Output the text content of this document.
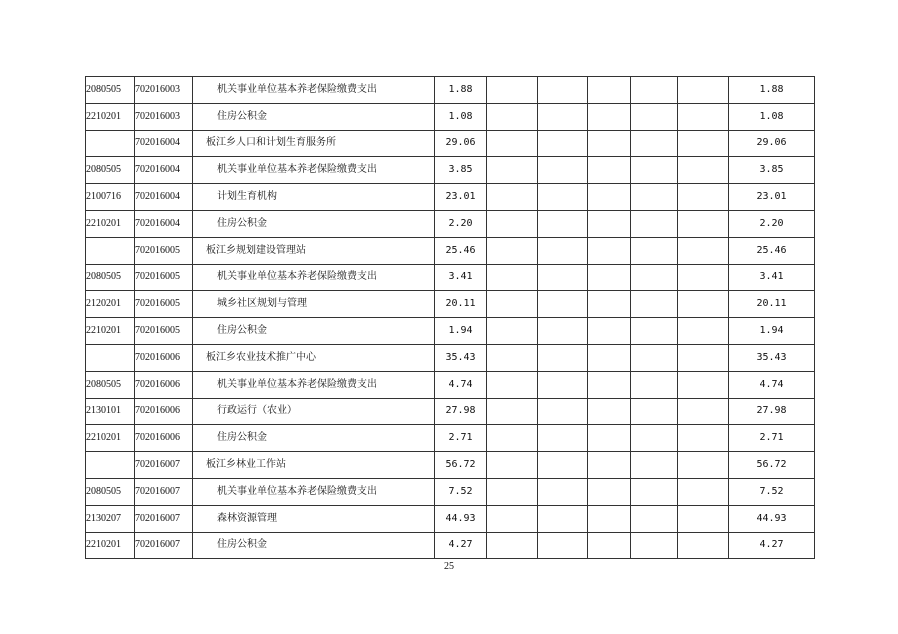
2080505	702016003	机关事业单位基本养老保险缴费支出	1.88						1.88
2210201	702016003	住房公积金	1.08						1.08
	702016004	板江乡人口和计划生育服务所	29.06						29.06
2080505	702016004	机关事业单位基本养老保险缴费支出	3.85						3.85
2100716	702016004	计划生育机构	23.01						23.01
2210201	702016004	住房公积金	2.20						2.20
	702016005	板江乡规划建设管理站	25.46						25.46
2080505	702016005	机关事业单位基本养老保险缴费支出	3.41						3.41
2120201	702016005	城乡社区规划与管理	20.11						20.11
2210201	702016005	住房公积金	1.94						1.94
	702016006	板江乡农业技术推广中心	35.43						35.43
2080505	702016006	机关事业单位基本养老保险缴费支出	4.74						4.74
2130101	702016006	行政运行（农业）	27.98						27.98
2210201	702016006	住房公积金	2.71						2.71
	702016007	板江乡林业工作站	56.72						56.72
2080505	702016007	机关事业单位基本养老保险缴费支出	7.52						7.52
2130207	702016007	森林资源管理	44.93						44.93
2210201	702016007	住房公积金	4.27						4.27
25
